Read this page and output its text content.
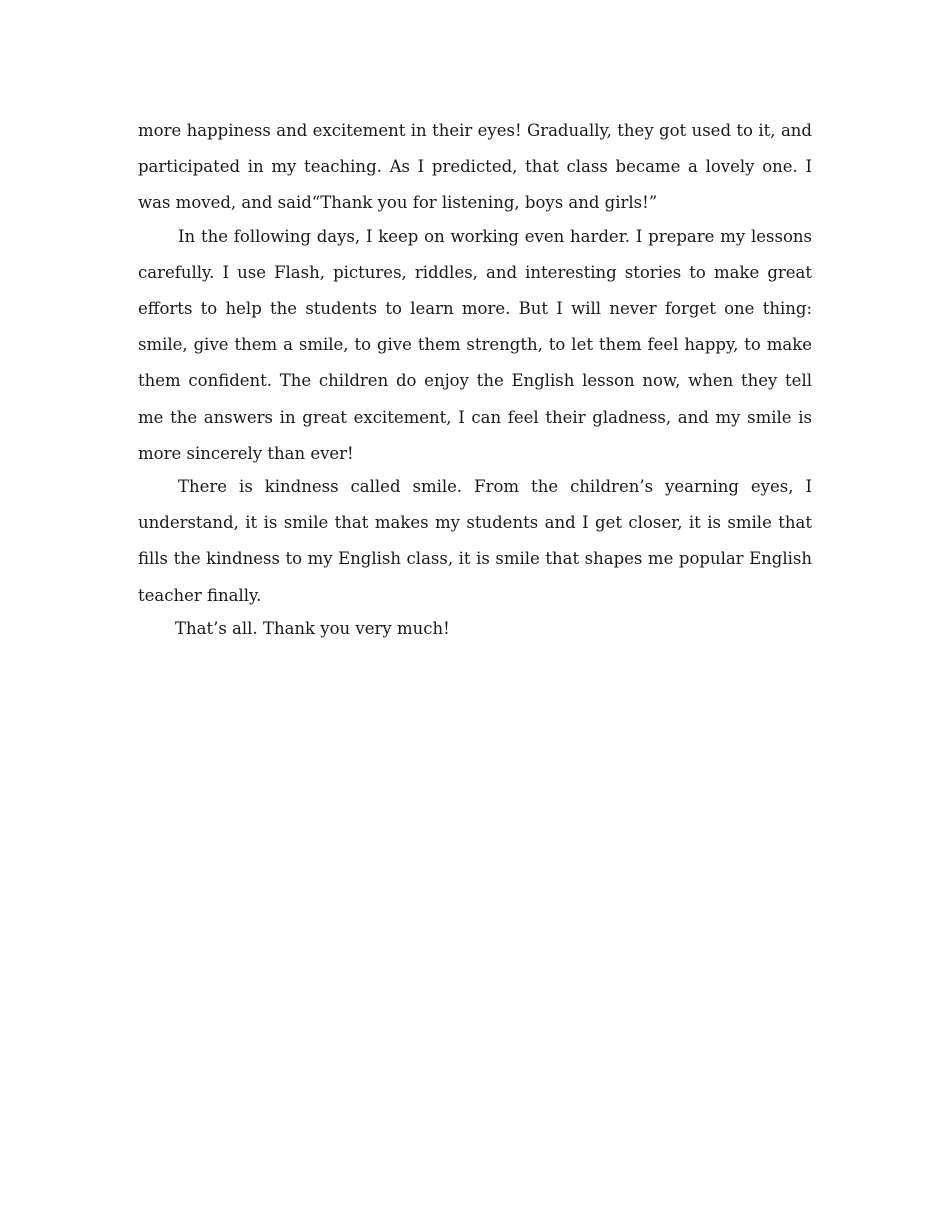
more happiness and excitement in their eyes! Gradually, they got used to it, and participated in my teaching. As I predicted, that class became a lovely one. I was moved, and said“Thank you for listening, boys and girls!”

In the following days, I keep on working even harder. I prepare my lessons carefully. I use Flash, pictures, riddles, and interesting stories to make great efforts to help the students to learn more. But I will never forget one thing: smile, give them a smile, to give them strength, to let them feel happy, to make them confident. The children do enjoy the English lesson now, when they tell me the answers in great excitement, I can feel their gladness, and my smile is more sincerely than ever!

There is kindness called smile. From the children’s yearning eyes, I understand, it is smile that makes my students and I get closer, it is smile that fills the kindness to my English class, it is smile that shapes me popular English teacher finally.

That’s all. Thank you very much!
